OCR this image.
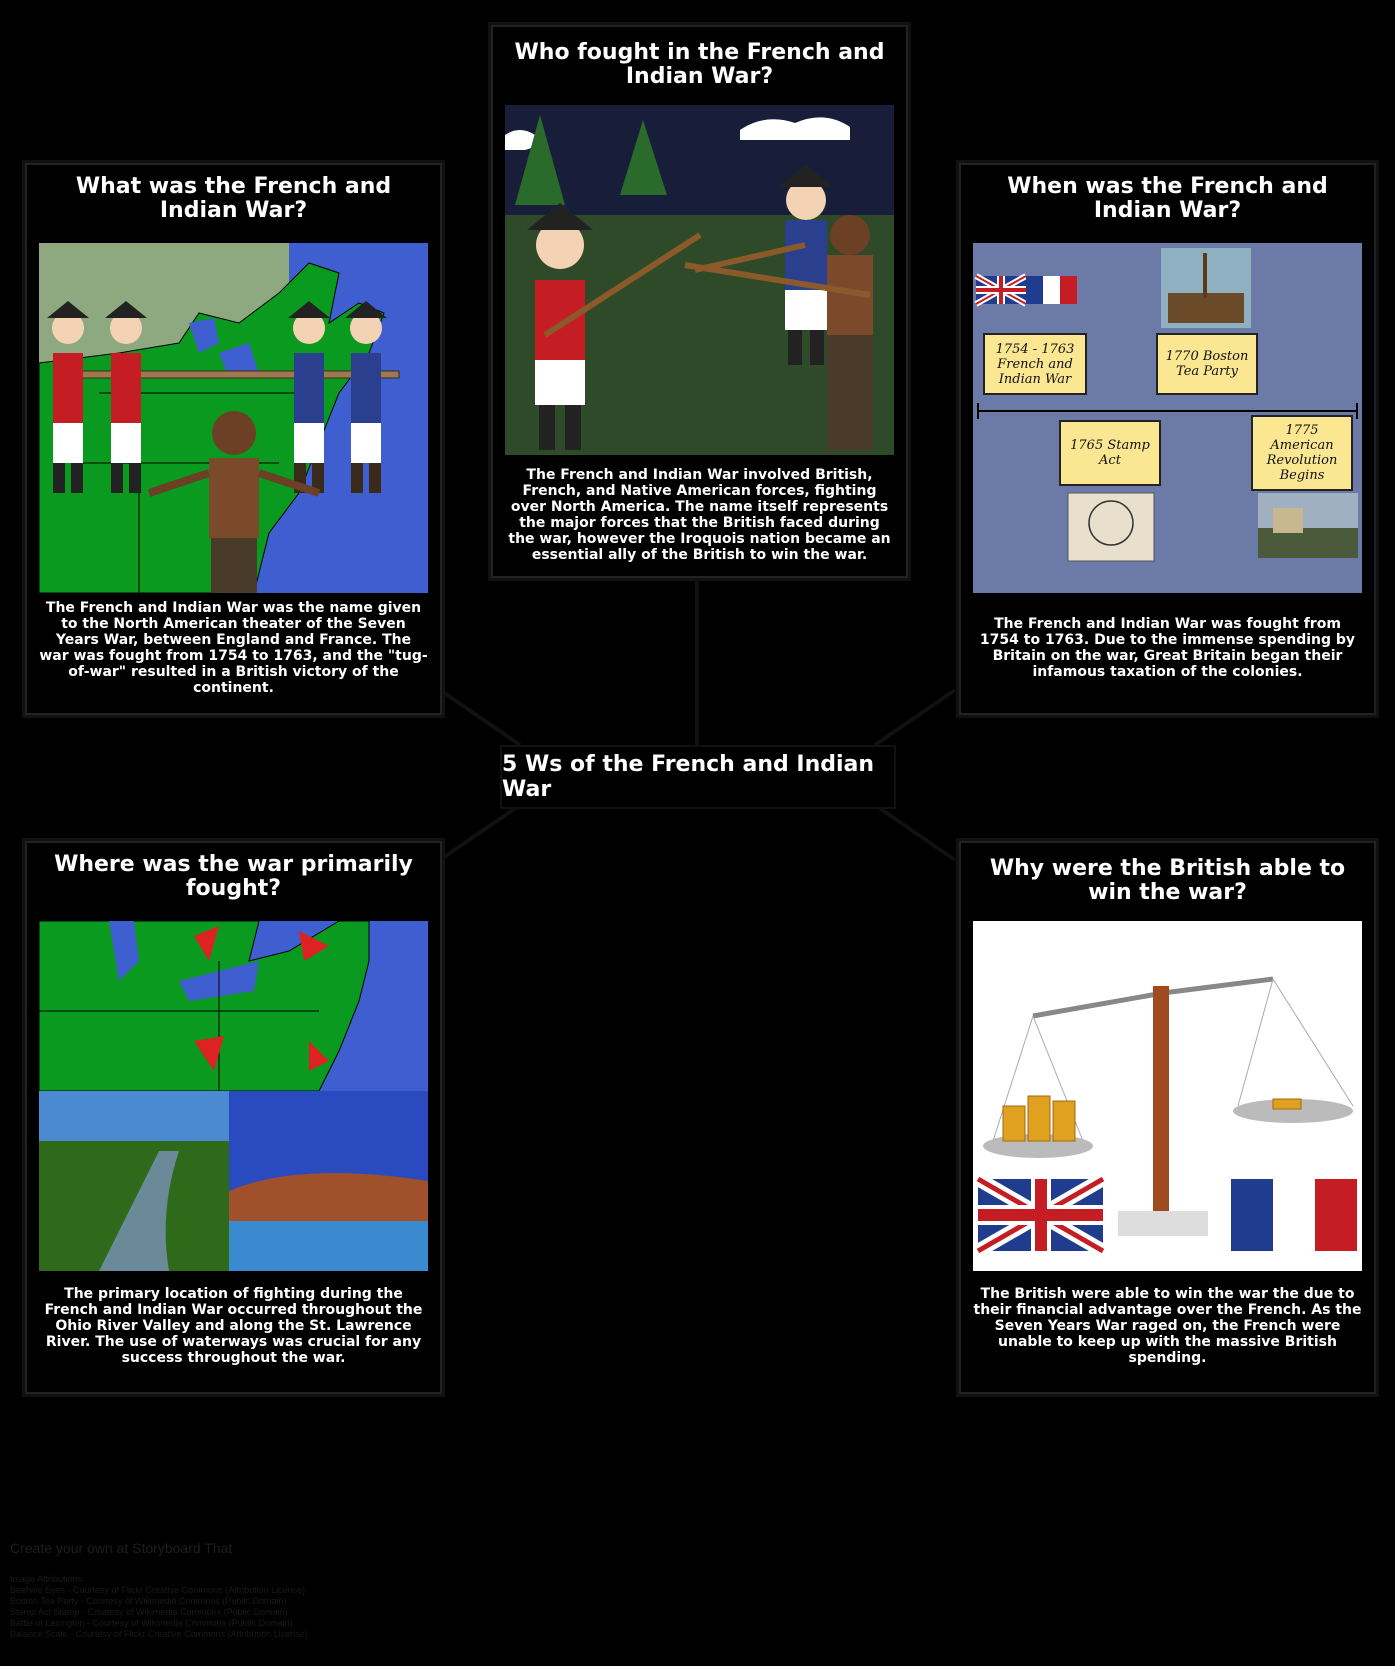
What was the French and Indian War?
The French and Indian War was the name given to the North American theater of the Seven Years War, between England and France. The war was fought from 1754 to 1763, and the "tug-of-war" resulted in a British victory of the continent.
Who fought in the French and Indian War?
The French and Indian War involved British, French, and Native American forces, fighting over North America. The name itself represents the major forces that the British faced during the war, however the Iroquois nation became an essential ally of the British to win the war.
When was the French and Indian War?
1754 - 1763 French and Indian War
1770 Boston Tea Party
1765 Stamp Act
1775 American Revolution Begins
The French and Indian War was fought from 1754 to 1763. Due to the immense spending by Britain on the war, Great Britain began their infamous taxation of the colonies.
5 Ws of the French and Indian War
Where was the war primarily fought?
The primary location of fighting during the French and Indian War occurred throughout the Ohio River Valley and along the St. Lawrence River. The use of waterways was crucial for any success throughout the war.
Why were the British able to win the war?
The British were able to win the war the due to their financial advantage over the French. As the Seven Years War raged on, the French were unable to keep up with the massive British spending.
Create your own at Storyboard That
Image Attributions:
Beehive Eyes - Courtesy of Flickr Creative Commons (Attribution License)
Boston Tea Party - Courtesy of Wikimedia Commons (Public Domain)
Stamp Act Stamp - Courtesy of Wikimedia Commons (Public Domain)
Battle of Lexington - Courtesy of Wikimedia Commons (Public Domain)
Balance Scale - Courtesy of Flickr Creative Commons (Attribution License)
